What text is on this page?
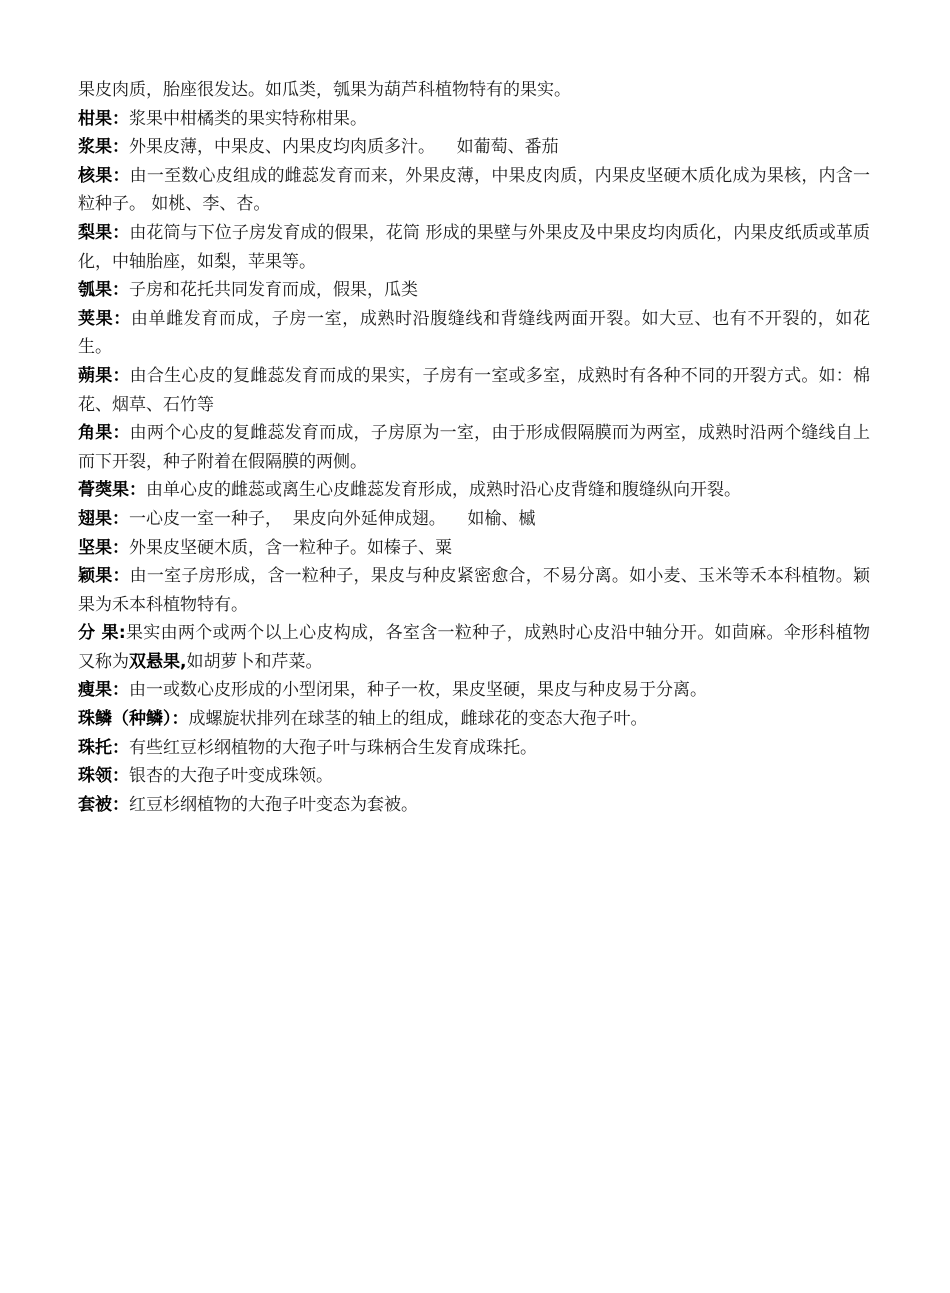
果皮肉质，胎座很发达。如瓜类，瓠果为葫芦科植物特有的果实。

柑果：浆果中柑橘类的果实特称柑果。

浆果：外果皮薄，中果皮、内果皮均肉质多汁。    如葡萄、番茄

核果：由一至数心皮组成的雌蕊发育而来，外果皮薄，中果皮肉质，内果皮坚硬木质化成为果核，内含一粒种子。 如桃、李、杏。

梨果：由花筒与下位子房发育成的假果，花筒 形成的果壁与外果皮及中果皮均肉质化，内果皮纸质或革质化，中轴胎座，如梨，苹果等。

瓠果：子房和花托共同发育而成，假果，瓜类

荚果：由单雌发育而成，子房一室，成熟时沿腹缝线和背缝线两面开裂。如大豆、也有不开裂的，如花生。

蒴果：由合生心皮的复雌蕊发育而成的果实，子房有一室或多室，成熟时有各种不同的开裂方式。如：棉花、烟草、石竹等

角果：由两个心皮的复雌蕊发育而成，子房原为一室，由于形成假隔膜而为两室，成熟时沿两个缝线自上而下开裂，种子附着在假隔膜的两侧。

蓇葖果：由单心皮的雌蕊或离生心皮雌蕊发育形成，成熟时沿心皮背缝和腹缝纵向开裂。

翅果：一心皮一室一种子，  果皮向外延伸成翅。    如榆、槭

坚果：外果皮坚硬木质，含一粒种子。如榛子、粟

颖果：由一室子房形成，含一粒种子，果皮与种皮紧密愈合，不易分离。如小麦、玉米等禾本科植物。颖果为禾本科植物特有。

分 果:果实由两个或两个以上心皮构成，各室含一粒种子，成熟时心皮沿中轴分开。如茴麻。伞形科植物又称为双悬果,如胡萝卜和芹菜。

瘦果：由一或数心皮形成的小型闭果，种子一枚，果皮坚硬，果皮与种皮易于分离。

珠鳞（种鳞）：成螺旋状排列在球茎的轴上的组成，雌球花的变态大孢子叶。

珠托：有些红豆杉纲植物的大孢子叶与珠柄合生发育成珠托。

珠领：银杏的大孢子叶变成珠领。

套被：红豆杉纲植物的大孢子叶变态为套被。
